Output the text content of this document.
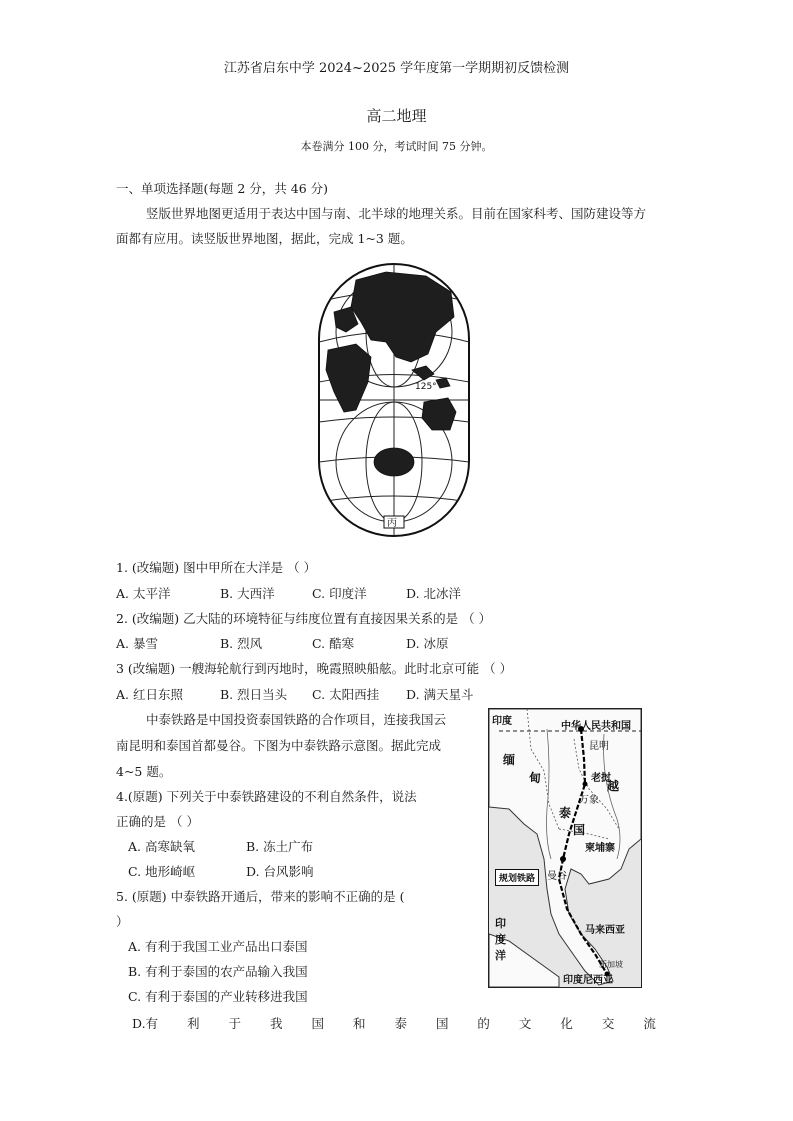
江苏省启东中学 2024~2025 学年度第一学期期初反馈检测
高二地理
本卷满分 100 分，考试时间 75 分钟。
一、单项选择题(每题 2 分，共 46 分)
竖版世界地图更适用于表达中国与南、北半球的地理关系。目前在国家科考、国防建设等方
面都有应用。读竖版世界地图，据此，完成 1~3 题。
125°
丙
1. (改编题) 图中甲所在大洋是 （ ）
A. 太平洋	B. 大西洋	C. 印度洋	D. 北冰洋
2. (改编题) 乙大陆的环境特征与纬度位置有直接因果关系的是 （ ）
A. 暴雪	B. 烈风	C. 酷寒	D. 冰原
3 (改编题) 一艘海轮航行到丙地时，晚霞照映船舷。此时北京可能 （ ）
A. 红日东照	B. 烈日当头 C. 太阳西挂 D. 满天星斗
中泰铁路是中国投资泰国铁路的合作项目，连接我国云
南昆明和泰国首都曼谷。下图为中泰铁路示意图。据此完成
4~5 题。
4.(原题) 下列关于中泰铁路建设的不利自然条件，说法
正确的是 （ ）
A. 高寒缺氧	B. 冻土广布
C. 地形崎岖	D. 台风影响
5. (原题) 中泰铁路开通后，带来的影响不正确的是 (
）
A. 有利于我国工业产品出口泰国
B. 有利于泰国的农产品输入我国
C. 有利于泰国的产业转移进我国
D.有 利 于 我 国 和 泰 国 的 文 化 交 流
印度	中华人民共和国
昆明
缅
甸	老挝
越
万象
泰
国
柬埔寨
曼谷
规划铁路
印
度
洋
马来西亚
新加坡
印度尼西亚
